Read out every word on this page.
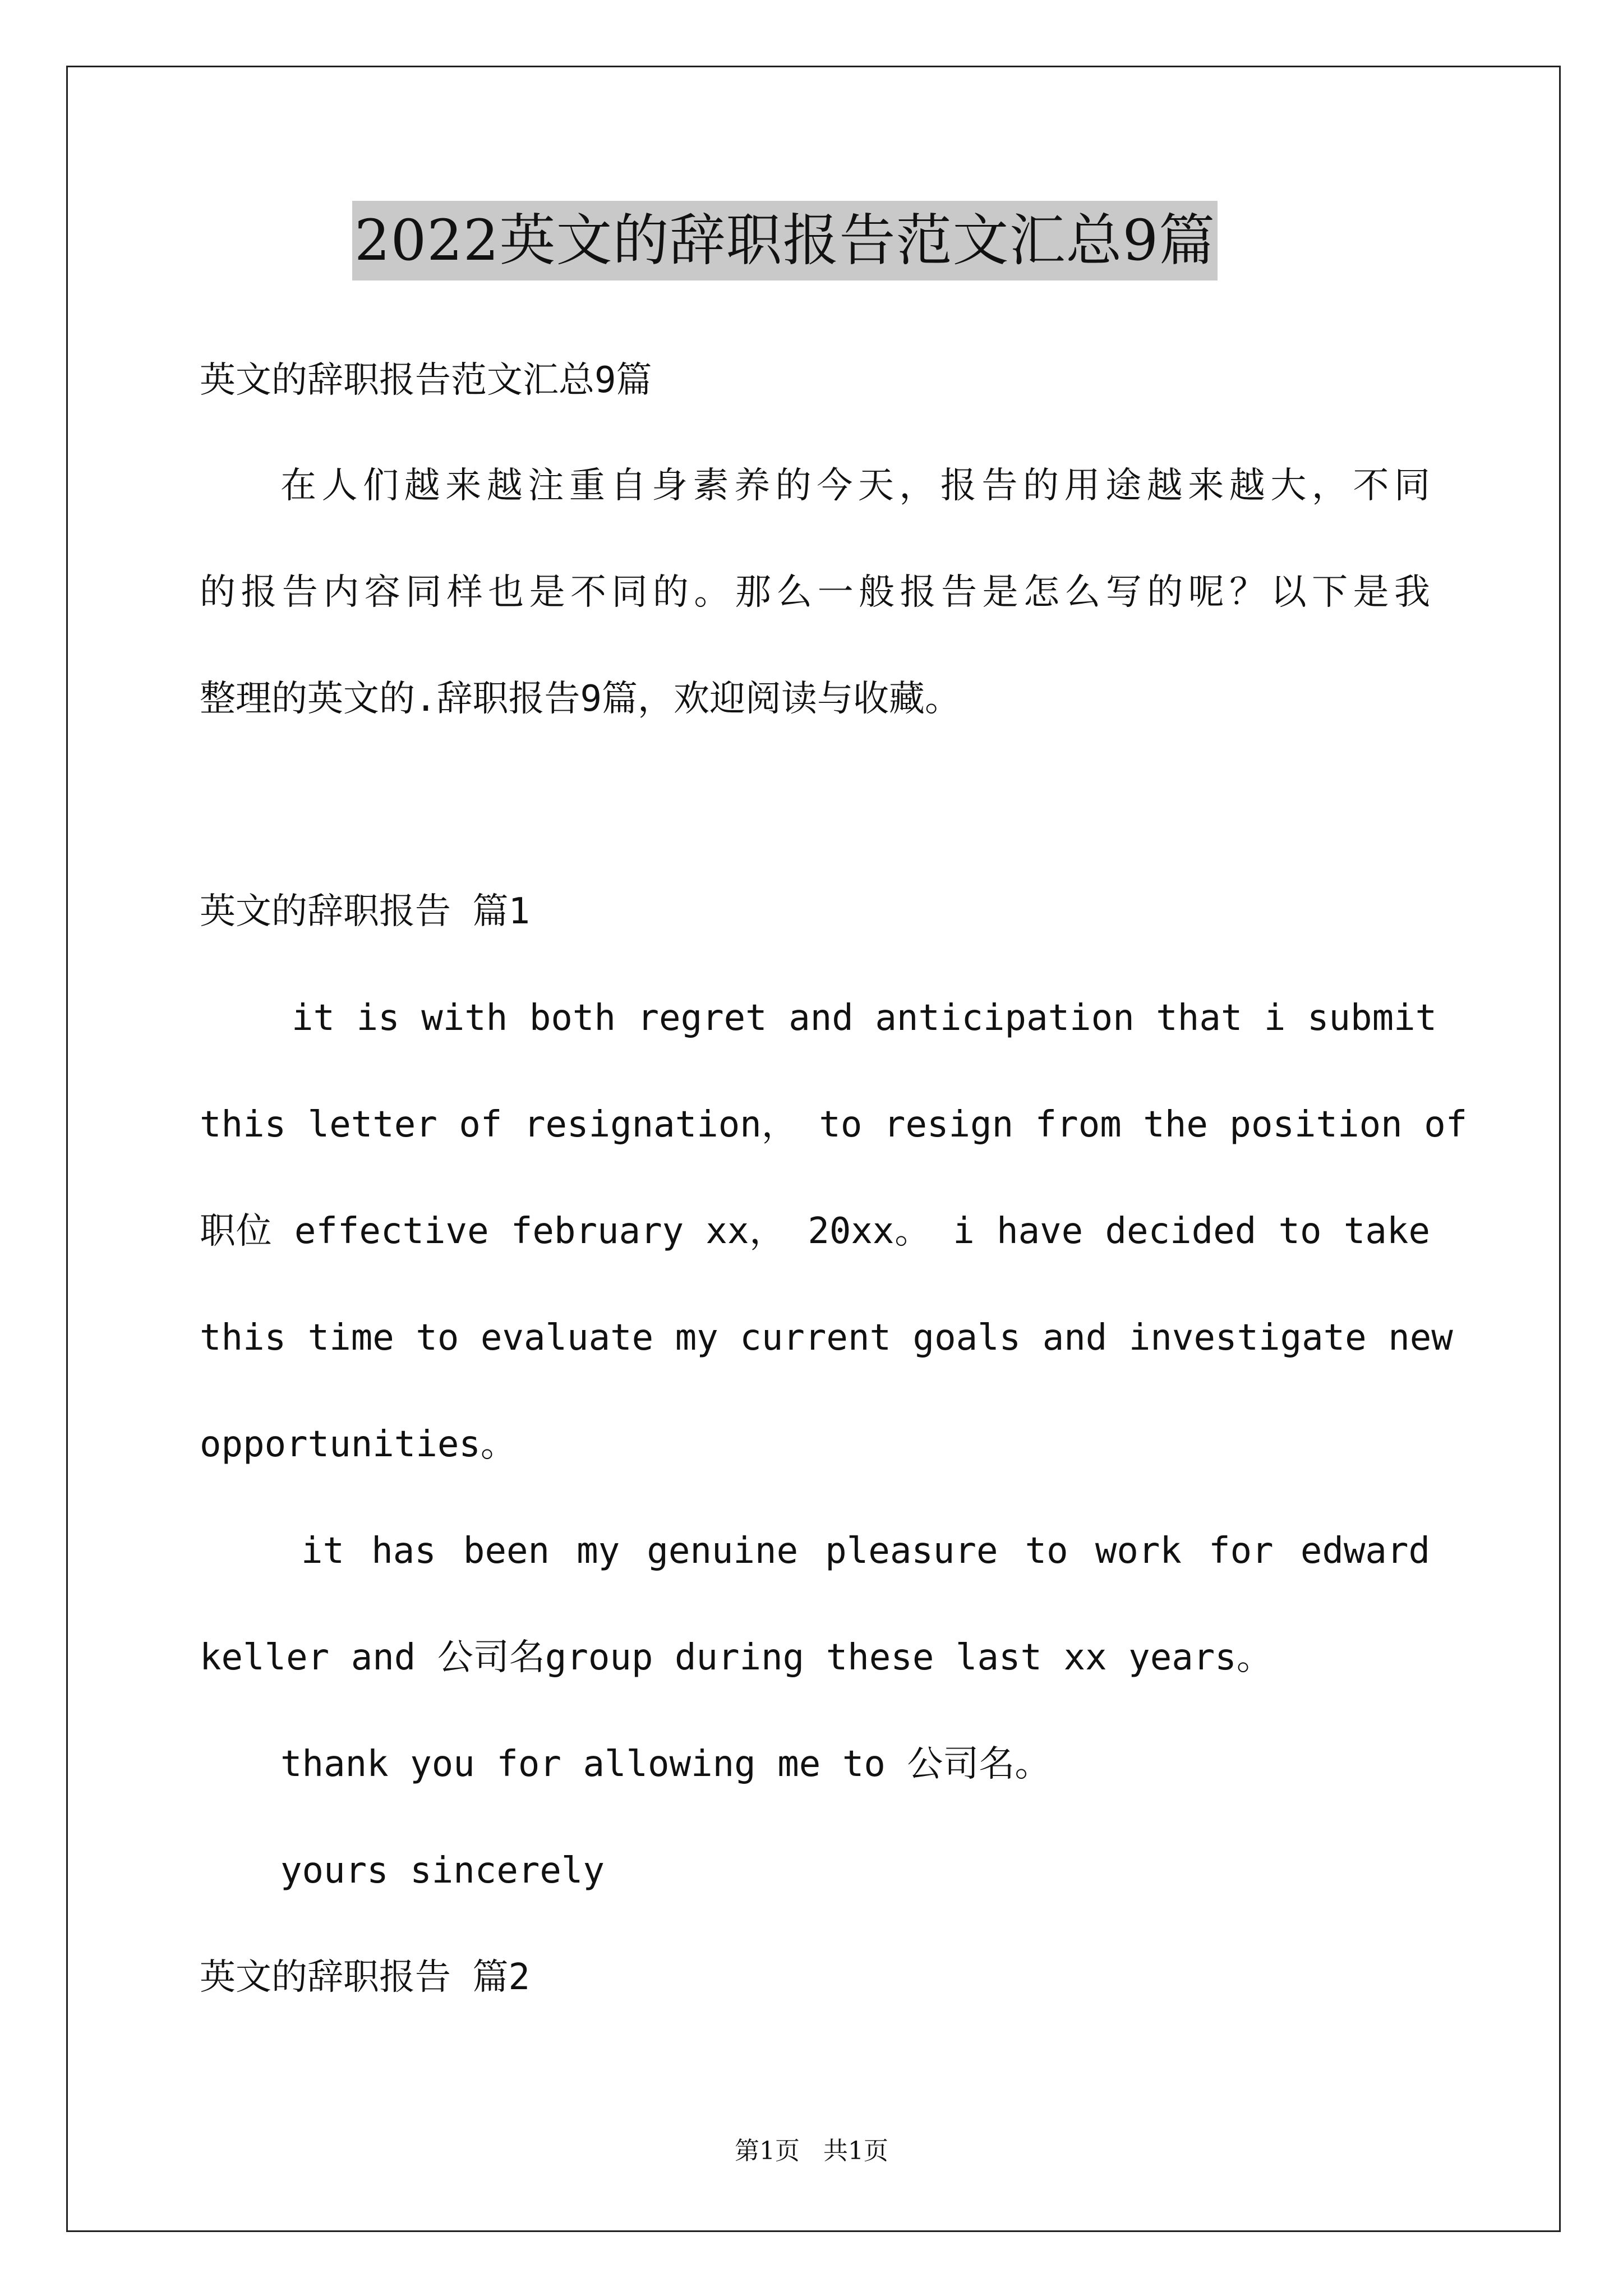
2022英文的辞职报告范文汇总9篇
英文的辞职报告范文汇总9篇
在人们越来越注重自身素养的今天，报告的用途越来越大，不同
的报告内容同样也是不同的。那么一般报告是怎么写的呢？以下是我
整理的英文的.辞职报告9篇，欢迎阅读与收藏。
英文的辞职报告 篇1
it is with both regret and anticipation that i submit
this letter of resignation， to resign from the position of
职位 effective february xx， 20xx。 i have decided to take
this time to evaluate my current goals and investigate new
opportunities。
it has been my genuine pleasure to work for edward
keller and 公司名group during these last xx years。
thank you for allowing me to 公司名。
yours sincerely
英文的辞职报告 篇2
第1页   共1页
